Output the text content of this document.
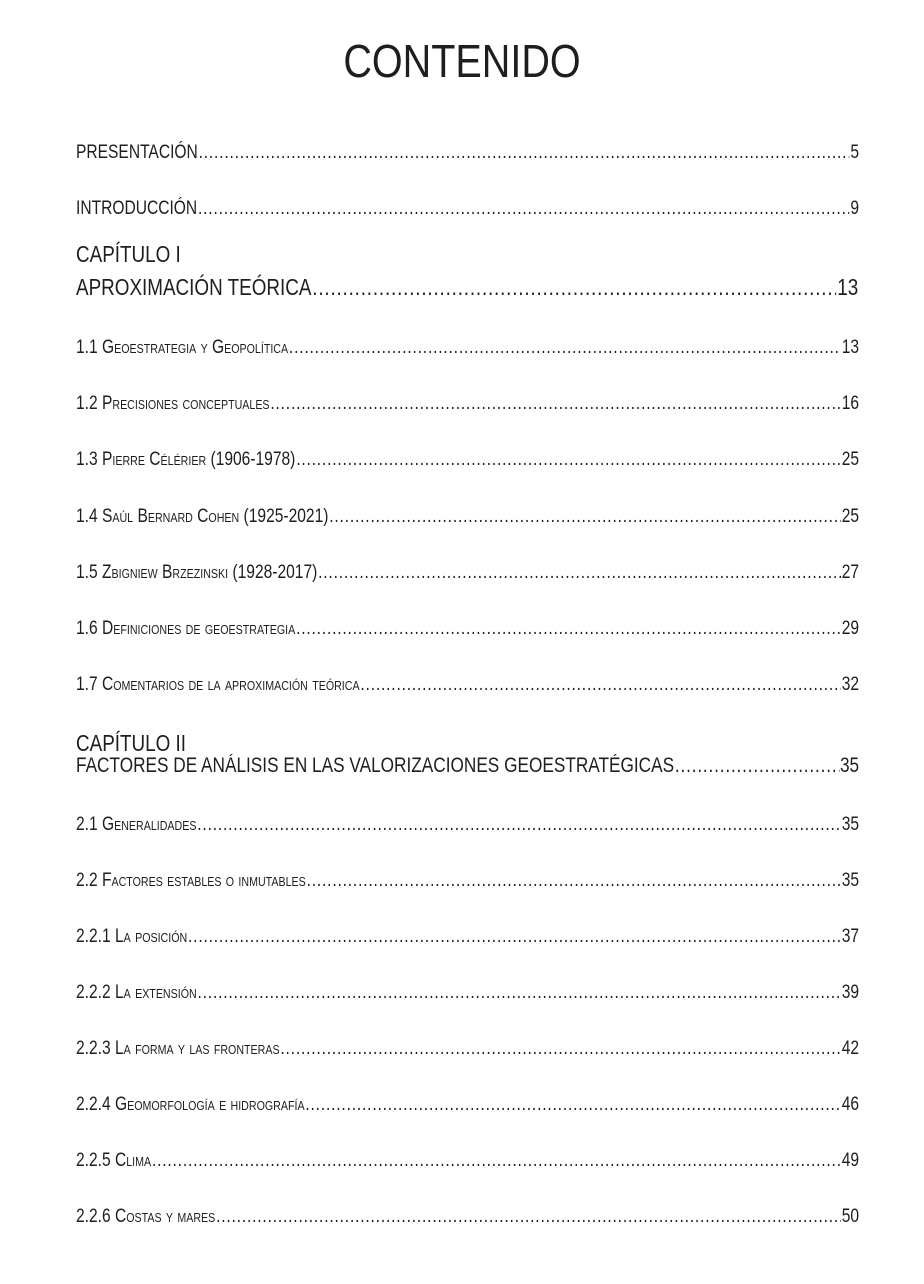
CONTENIDO
CAPÍTULO I
CAPÍTULO II
PRESENTACIÓN .....	5
INTRODUCCIÓN .....	9
APROXIMACIÓN TEÓRICA .....	13
1.1 Geoestrategia y Geopolítica .....	13
1.2 Precisiones conceptuales .....	16
1.3 Pierre Célérier (1906-1978) .....	25
1.4 Saúl Bernard Cohen (1925-2021) .....	25
1.5 Zbigniew Brzezinski (1928-2017) .....	27
1.6 Definiciones de geoestrategia .....	29
1.7 Comentarios de la aproximación teórica .....	32
FACTORES DE ANÁLISIS EN LAS VALORIZACIONES GEOESTRATÉGICAS .....	35
2.1 Generalidades .....	35
2.2 Factores estables o inmutables .....	35
2.2.1 La posición .....	37
2.2.2 La extensión .....	39
2.2.3 La forma y las fronteras .....	42
2.2.4 Geomorfología e hidrografía .....	46
2.2.5 Clima .....	49
2.2.6 Costas y mares .....	50
